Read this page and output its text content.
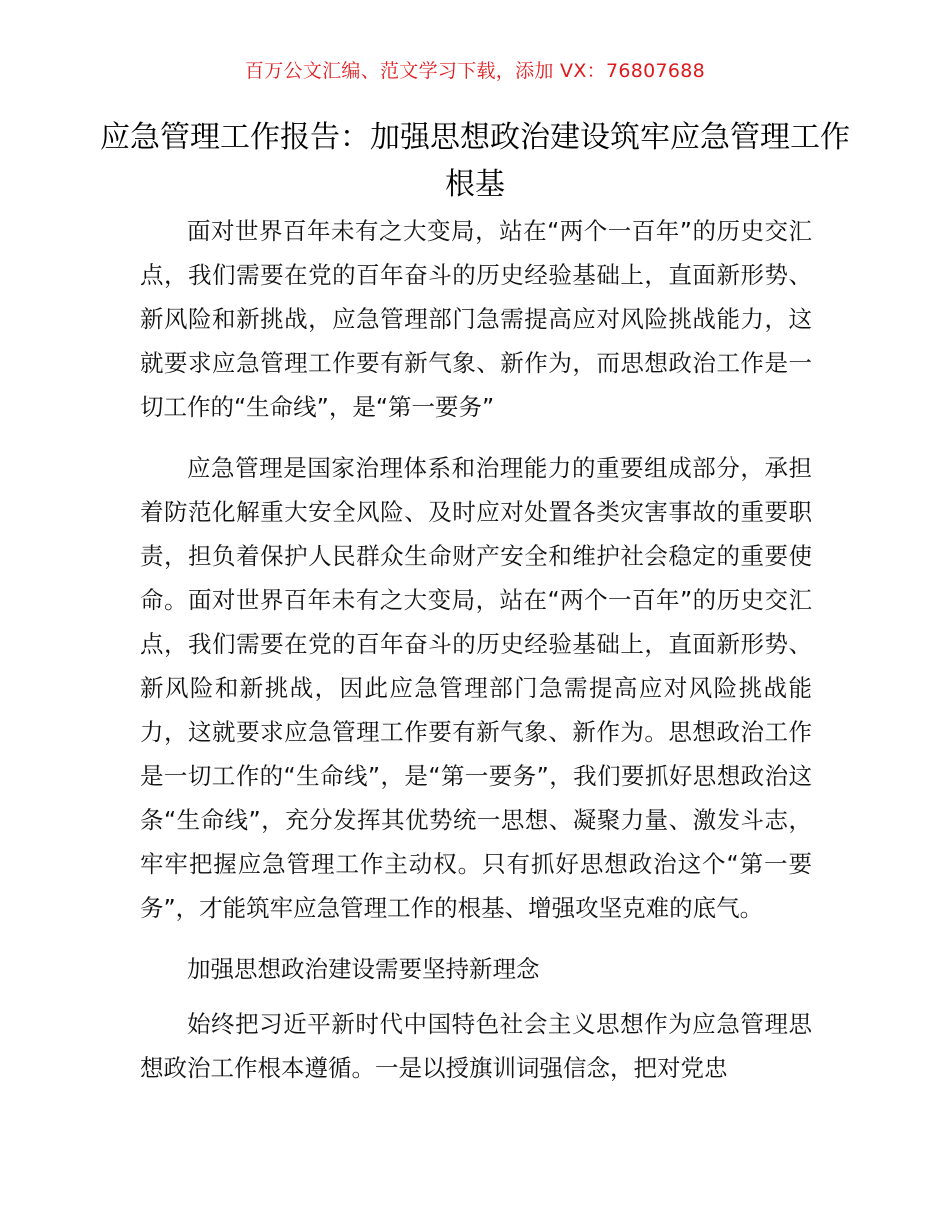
百万公文汇编、范文学习下载，添加 VX：76807688
应急管理工作报告：加强思想政治建设筑牢应急管理工作根基

面对世界百年未有之大变局，站在“两个一百年”的历史交汇点，我们需要在党的百年奋斗的历史经验基础上，直面新形势、新风险和新挑战，应急管理部门急需提高应对风险挑战能力，这就要求应急管理工作要有新气象、新作为，而思想政治工作是一切工作的“生命线”，是“第一要务”

应急管理是国家治理体系和治理能力的重要组成部分，承担着防范化解重大安全风险、及时应对处置各类灾害事故的重要职责，担负着保护人民群众生命财产安全和维护社会稳定的重要使命。面对世界百年未有之大变局，站在“两个一百年”的历史交汇点，我们需要在党的百年奋斗的历史经验基础上，直面新形势、新风险和新挑战，因此应急管理部门急需提高应对风险挑战能力，这就要求应急管理工作要有新气象、新作为。思想政治工作是一切工作的“生命线”，是“第一要务”，我们要抓好思想政治这条“生命线”，充分发挥其优势统一思想、凝聚力量、激发斗志，牢牢把握应急管理工作主动权。只有抓好思想政治这个“第一要务”，才能筑牢应急管理工作的根基、增强攻坚克难的底气。

加强思想政治建设需要坚持新理念

始终把习近平新时代中国特色社会主义思想作为应急管理思想政治工作根本遵循。一是以授旗训词强信念，把对党忠
